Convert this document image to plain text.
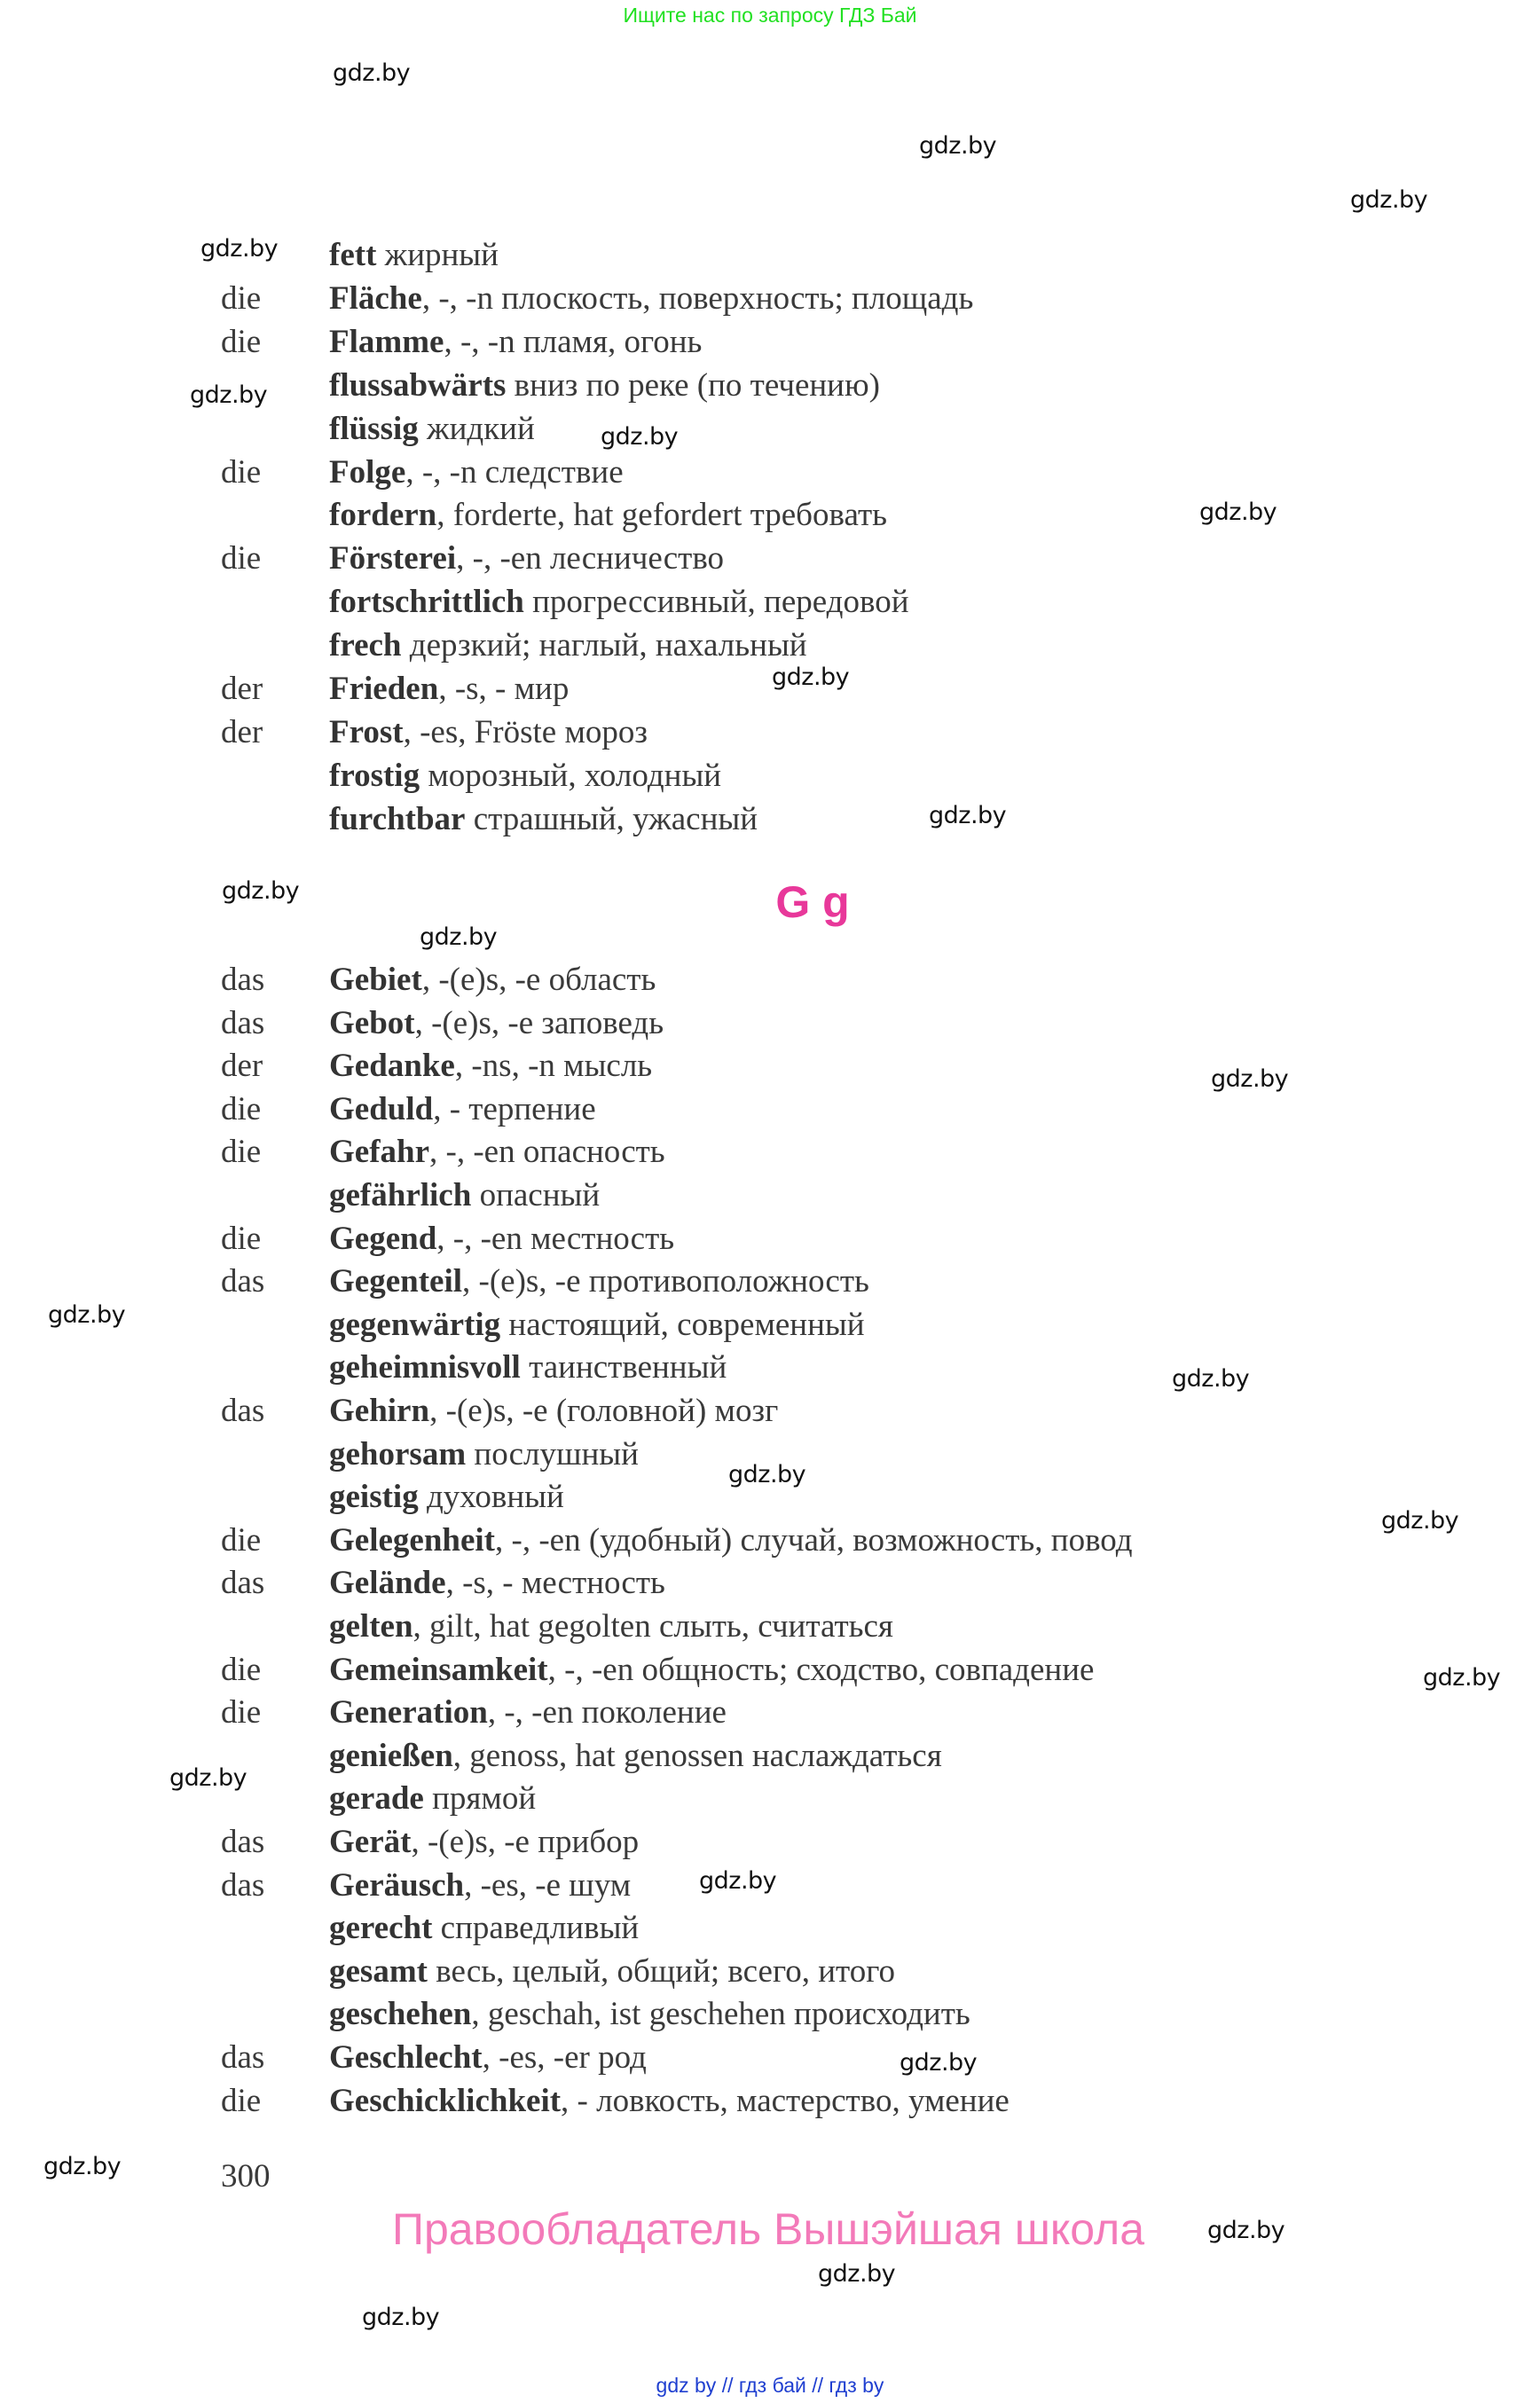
Ищите нас по запросу ГДЗ Бай
fett жирный
die	Fläche, -, -n плоскость, поверхность; площадь
die	Flamme, -, -n пламя, огонь
flussabwärts вниз по реке (по течению)
flüssig жидкий
die	Folge, -, -n следствие
fordern, forderte, hat gefordert требовать
die	Försterei, -, -en лесничество
fortschrittlich прогрессивный, передовой
frech дерзкий; наглый, нахальный
der	Frieden, -s, - мир
der	Frost, -es, Fröste мороз
frostig морозный, холодный
furchtbar страшный, ужасный
G g
das	Gebiet, -(e)s, -e область
das	Gebot, -(e)s, -e заповедь
der	Gedanke, -ns, -n мысль
die	Geduld, - терпение
die	Gefahr, -, -en опасность
gefährlich опасный
die	Gegend, -, -en местность
das	Gegenteil, -(e)s, -e противоположность
gegenwärtig настоящий, современный
geheimnisvoll таинственный
das	Gehirn, -(e)s, -e (головной) мозг
gehorsam послушный
geistig духовный
die	Gelegenheit, -, -en (удобный) случай, возможность, повод
das	Gelände, -s, - местность
gelten, gilt, hat gegolten слыть, считаться
die	Gemeinsamkeit, -, -en общность; сходство, совпадение
die	Generation, -, -en поколение
genießen, genoss, hat genossen наслаждаться
gerade прямой
das	Gerät, -(e)s, -e прибор
das	Geräusch, -es, -e шум
gerecht справедливый
gesamt весь, целый, общий; всего, итого
geschehen, geschah, ist geschehen происходить
das	Geschlecht, -es, -er род
die	Geschicklichkeit, - ловкость, мастерство, умение
300
Правообладатель Вышэйшая школа
gdz.by
gdz.by
gdz.by
gdz.by
gdz.by
gdz.by
gdz.by
gdz.by
gdz.by
gdz.by
gdz.by
gdz.by
gdz.by
gdz.by
gdz.by
gdz.by
gdz.by
gdz.by
gdz.by
gdz.by
gdz.by
gdz.by
gdz.by
gdz.by
gdz by // гдз бай // гдз by
